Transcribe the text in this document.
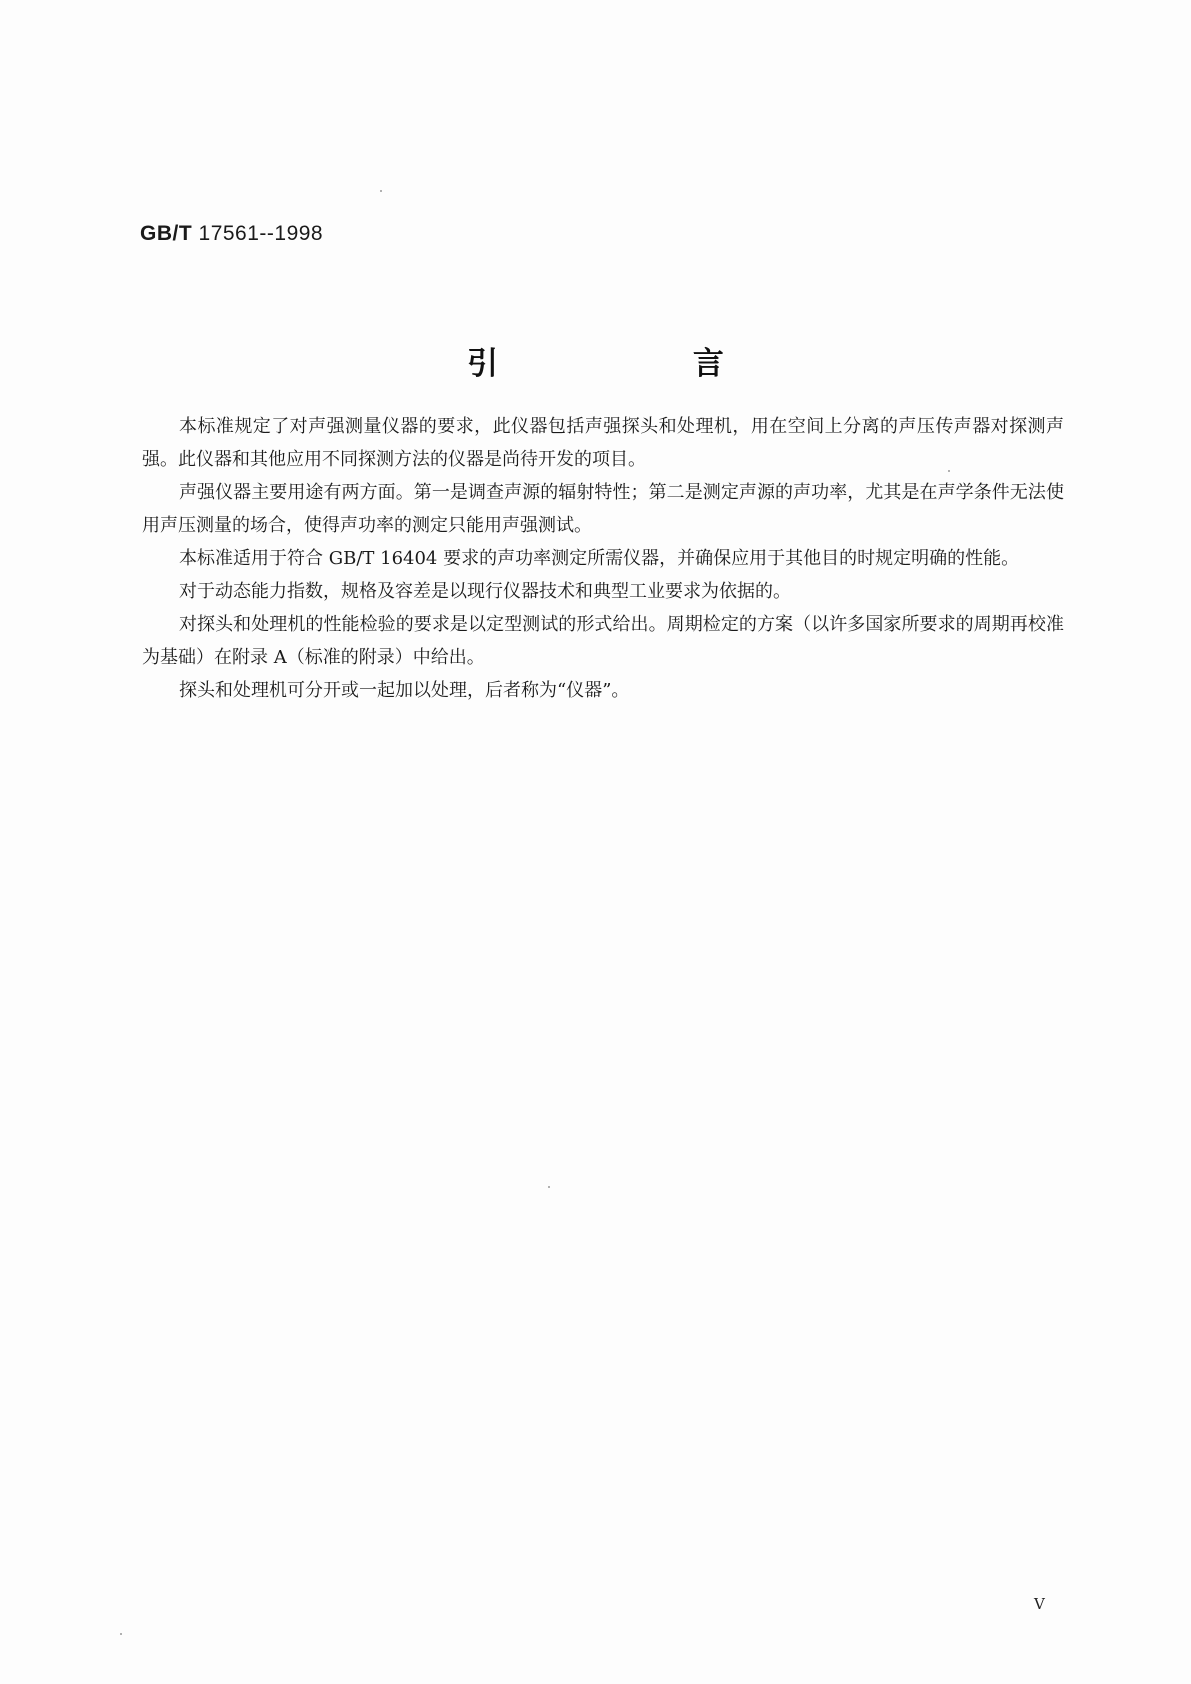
GB/T 17561--1998
引 言

本标准规定了对声强测量仪器的要求，此仪器包括声强探头和处理机，用在空间上分离的声压传声器对探测声强。此仪器和其他应用不同探测方法的仪器是尚待开发的项目。

声强仪器主要用途有两方面。第一是调查声源的辐射特性；第二是测定声源的声功率，尤其是在声学条件无法使用声压测量的场合，使得声功率的测定只能用声强测试。

本标准适用于符合 GB/T 16404 要求的声功率测定所需仪器，并确保应用于其他目的时规定明确的性能。

对于动态能力指数，规格及容差是以现行仪器技术和典型工业要求为依据的。

对探头和处理机的性能检验的要求是以定型测试的形式给出。周期检定的方案（以许多国家所要求的周期再校准为基础）在附录 A（标准的附录）中给出。

探头和处理机可分开或一起加以处理，后者称为“仪器”。

V
